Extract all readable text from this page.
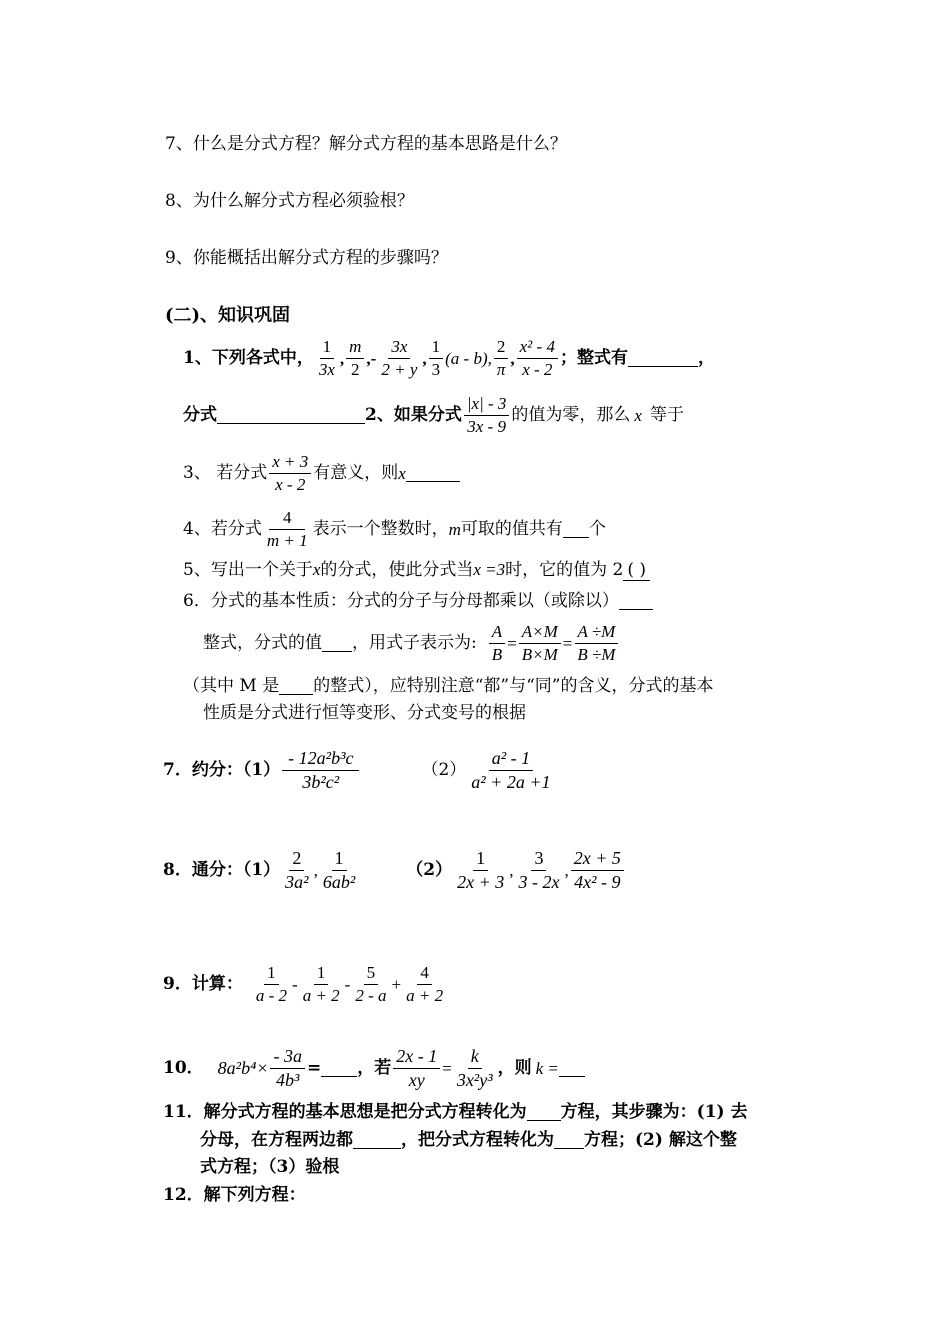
7、什么是分式方程？解分式方程的基本思路是什么？
8、为什么解分式方程必须验根？
9、你能概括出解分式方程的步骤吗？
(二)、知识巩固
1、下列各式中， $\frac{1}{3x}$ , $\frac{m}{2}$ ,- $\frac{3x}{2 + y}$ , $\frac{1}{3} (a - b)$, $\frac{2}{\pi}$ , $\frac{\text{x² - 4}}{x - 2}$ ；整式有	，
分式	2、如果分式 $\frac{|x| - 3}{3x - 9}$ 的值为零，那么 x 等于
3、 若分式 $\frac{x + 3}{x - 2}$ 有意义，则 x
4、若分式 $\frac{4}{m + 1}$ 表示一个整数时， m 可取的值共有 个
5、写出一个关于x的分式，使此分式当x =3时，它的值为 2 ( )
6．分式的基本性质：分式的分子与分母都乘以（或除以）
整式，分式的值 ，用式子表示为: $\frac{A}{B} = \frac{A\times M}{B\times M} = \frac{A \div M}{B \div M}$
（其中 M 是 的整式），应特别注意“都”与“同”的含义，分式的基本
性质是分式进行恒等变形、分式变号的根据
7．约分：$(1) \frac{\text{- 12a²b³c}}{\text{3b²c²}}$	$(2) \frac{\text{a² - 1}}{\text{a² + 2a +1}}$
8．通分：$(1) \frac{2}{\text{3a²}}$ , $\frac{1}{\text{6ab²}}$	$(2) \frac{1}{2x + 3}$ , $\frac{3}{3 - 2x}$ , $\frac{2x + 5}{\text{4x² - 9}}$
9．计算： $\frac{1}{a - 2} - \frac{1}{a + 2} - \frac{5}{2 - a} + \frac{4}{a + 2}$
10． $8a^2b^4\times \frac{- 3a}{\text{4b³}}$ = ，若 $\frac{2x - 1}{xy} = \frac{k}{\text{3x²y³}}$ ，则 k =
11．解分式方程的基本思想是把分式方程转化为 方程，其步骤为：(1) 去
分母，在方程两边都	，把分式方程转化为 方程；(2) 解这个整
式方程；（3）验根
12．解下列方程：
